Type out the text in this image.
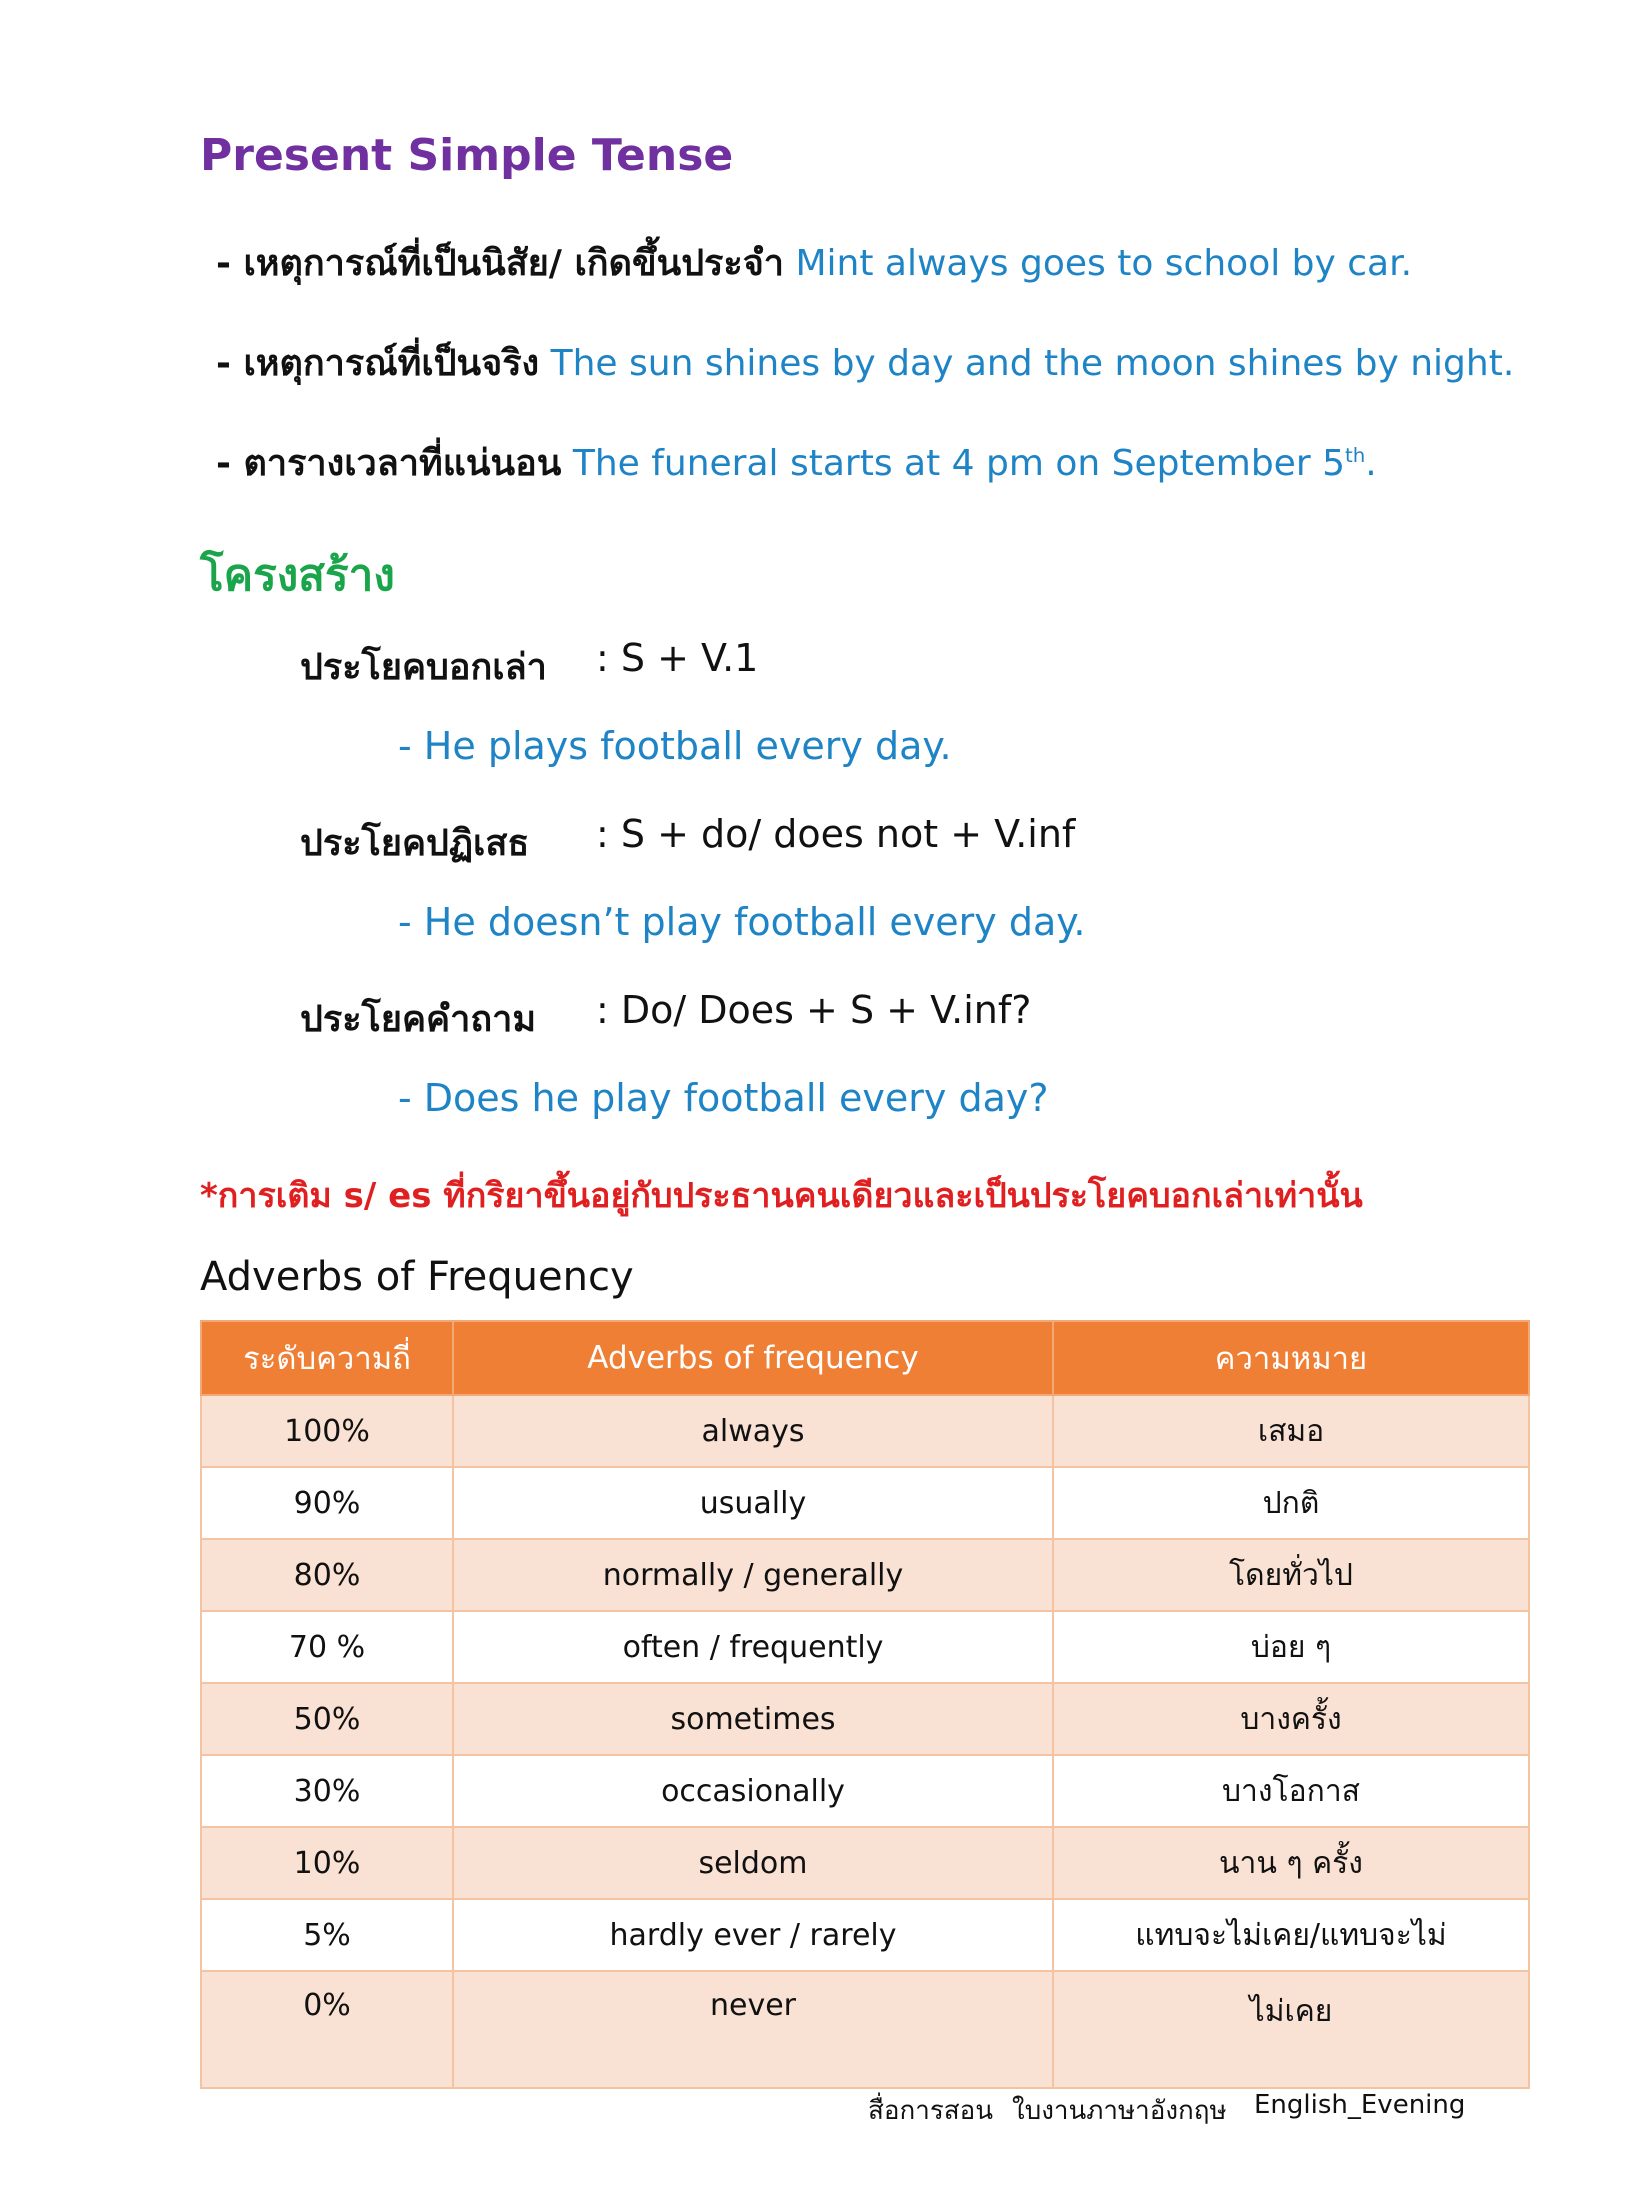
Present Simple Tense
- เหตุการณ์ที่เป็นนิสัย/ เกิดขึ้นประจำ Mint always goes to school by car.
- เหตุการณ์ที่เป็นจริง The sun shines by day and the moon shines by night.
- ตารางเวลาที่แน่นอน The funeral starts at 4 pm on September 5th.
โครงสร้าง
ประโยคบอกเล่า : S + V.1
- He plays football every day.
ประโยคปฏิเสธ : S + do/ does not + V.inf
- He doesn’t play football every day.
ประโยคคำถาม : Do/ Does + S + V.inf?
- Does he play football every day?
*การเติม s/ es ที่กริยาขึ้นอยู่กับประธานคนเดียวและเป็นประโยคบอกเล่าเท่านั้น
Adverbs of Frequency
ระดับความถี่	Adverbs of frequency	ความหมาย
100%	always	เสมอ
90%	usually	ปกติ
80%	normally / generally	โดยทั่วไป
70 %	often / frequently	บ่อย ๆ
50%	sometimes	บางครั้ง
30%	occasionally	บางโอกาส
10%	seldom	นาน ๆ ครั้ง
5%	hardly ever / rarely	แทบจะไม่เคย/แทบจะไม่
0%	never	ไม่เคย
สื่อการสอน ใบงานภาษาอังกฤษ English_Evening
